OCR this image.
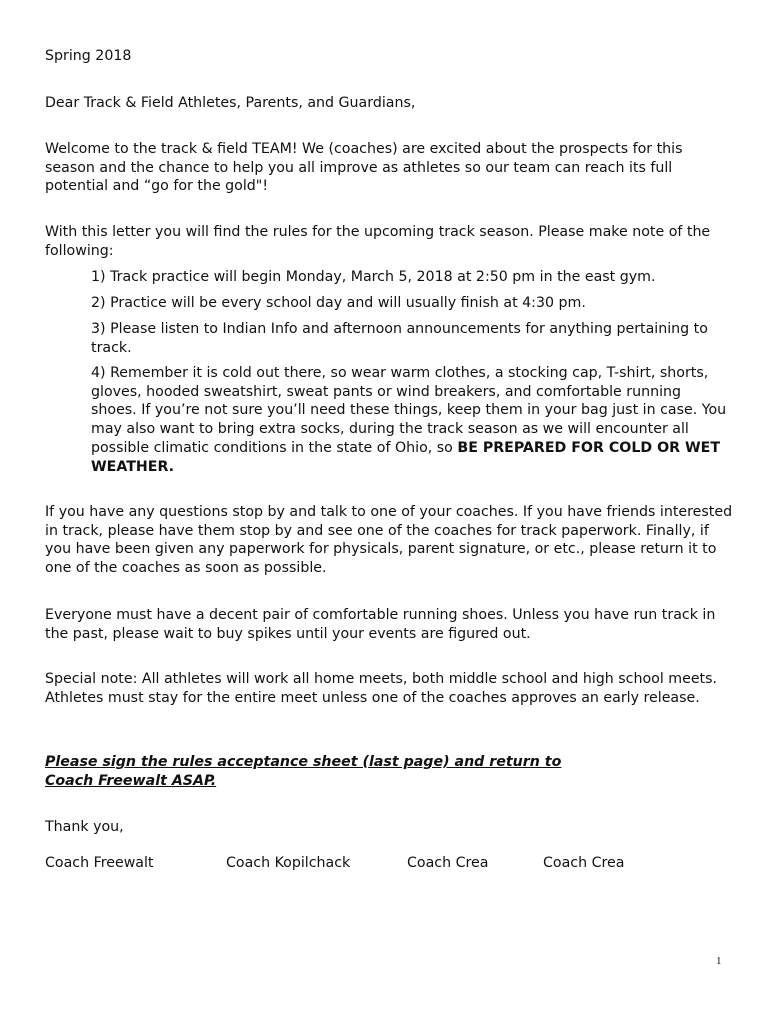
Spring 2018

Dear Track & Field Athletes, Parents, and Guardians,

Welcome to the track & field TEAM! We (coaches) are excited about the prospects for this season and the chance to help you all improve as athletes so our team can reach its full potential and “go for the gold"!

With this letter you will find the rules for the upcoming track season. Please make note of the following:

1) Track practice will begin Monday, March 5, 2018 at 2:50 pm in the east gym.

2) Practice will be every school day and will usually finish at 4:30 pm.

3) Please listen to Indian Info and afternoon announcements for anything pertaining to track.

4) Remember it is cold out there, so wear warm clothes, a stocking cap, T-shirt, shorts, gloves, hooded sweatshirt, sweat pants or wind breakers, and comfortable running shoes. If you’re not sure you’ll need these things, keep them in your bag just in case. You may also want to bring extra socks, during the track season as we will encounter all possible climatic conditions in the state of Ohio, so BE PREPARED FOR COLD OR WET WEATHER.

If you have any questions stop by and talk to one of your coaches. If you have friends interested in track, please have them stop by and see one of the coaches for track paperwork. Finally, if you have been given any paperwork for physicals, parent signature, or etc., please return it to one of the coaches as soon as possible.

Everyone must have a decent pair of comfortable running shoes. Unless you have run track in the past, please wait to buy spikes until your events are figured out.

Special note: All athletes will work all home meets, both middle school and high school meets. Athletes must stay for the entire meet unless one of the coaches approves an early release.

Please sign the rules acceptance sheet (last page) and return to
Coach Freewalt ASAP.

Thank you,

Coach Freewalt	Coach Kopilchack	Coach Crea	Coach Crea
1
